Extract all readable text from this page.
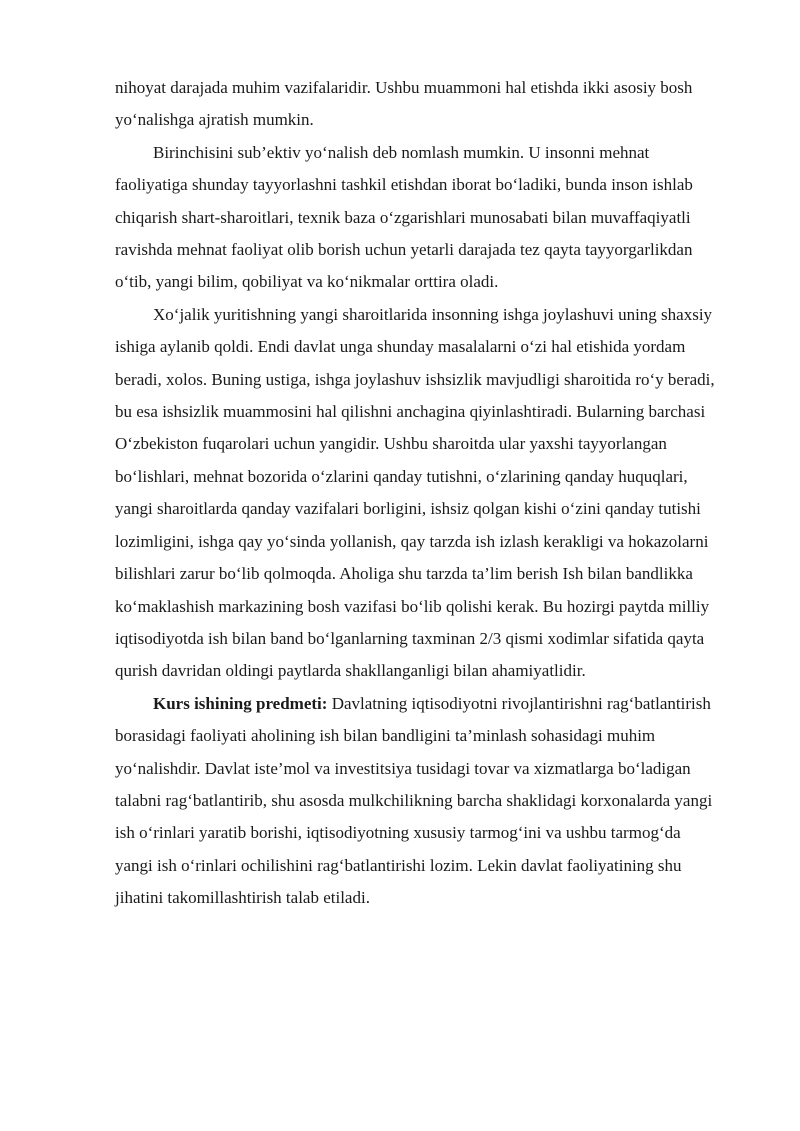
nihoyat darajada muhim vazifalaridir. Ushbu muammoni hal etishda ikki asosiy bosh yo‘nalishga ajratish mumkin.

Birinchisini sub’ektiv yo‘nalish deb nomlash mumkin. U insonni mehnat faoliyatiga shunday tayyorlashni tashkil etishdan iborat bo‘ladiki, bunda inson ishlab chiqarish shart-sharoitlari, texnik baza o‘zgarishlari munosabati bilan muvaffaqiyatli ravishda mehnat faoliyat olib borish uchun yetarli darajada tez qayta tayyorgarlikdan o‘tib, yangi bilim, qobiliyat va ko‘nikmalar orttira oladi.

Xo‘jalik yuritishning yangi sharoitlarida insonning ishga joylashuvi uning shaxsiy ishiga aylanib qoldi. Endi davlat unga shunday masalalarni o‘zi hal etishida yordam beradi, xolos. Buning ustiga, ishga joylashuv ishsizlik mavjudligi sharoitida ro‘y beradi, bu esa ishsizlik muammosini hal qilishni anchagina qiyinlashtiradi. Bularning barchasi O‘zbekiston fuqarolari uchun yangidir. Ushbu sharoitda ular yaxshi tayyorlangan bo‘lishlari, mehnat bozorida o‘zlarini qanday tutishni, o‘zlarining qanday huquqlari, yangi sharoitlarda qanday vazifalari borligini, ishsiz qolgan kishi o‘zini qanday tutishi lozimligini, ishga qay yo‘sinda yollanish, qay tarzda ish izlash kerakligi va hokazolarni bilishlari zarur bo‘lib qolmoqda. Aholiga shu tarzda ta’lim berish Ish bilan bandlikka ko‘maklashish markazining bosh vazifasi bo‘lib qolishi kerak. Bu hozirgi paytda milliy iqtisodiyotda ish bilan band bo‘lganlarning taxminan 2/3 qismi xodimlar sifatida qayta qurish davridan oldingi paytlarda shakllanganligi bilan ahamiyatlidir.

Kurs ishining predmeti: Davlatning iqtisodiyotni rivojlantirishni rag‘batlantirish borasidagi faoliyati aholining ish bilan bandligini ta’minlash sohasidagi muhim yo‘nalishdir. Davlat iste’mol va investitsiya tusidagi tovar va xizmatlarga bo‘ladigan talabni rag‘batlantirib, shu asosda mulkchilikning barcha shaklidagi korxonalarda yangi ish o‘rinlari yaratib borishi, iqtisodiyotning xususiy tarmog‘ini va ushbu tarmog‘da yangi ish o‘rinlari ochilishini rag‘batlantirishi lozim. Lekin davlat faoliyatining shu jihatini takomillashtirish talab etiladi.
